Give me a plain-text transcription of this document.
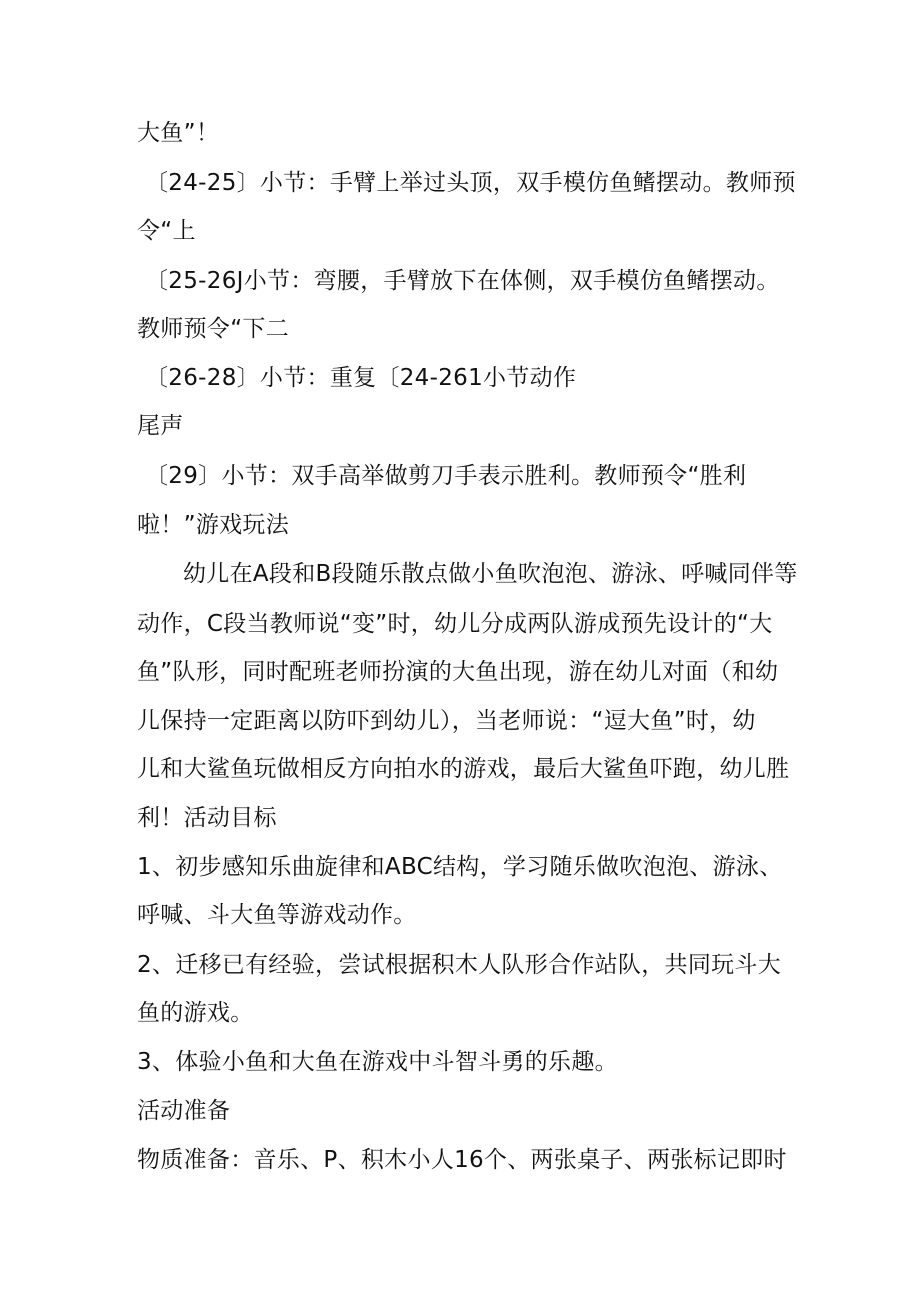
大鱼”！
〔24-25〕小节：手臂上举过头顶，双手模仿鱼鳍摆动。教师预
令“上
〔25-26J小节：弯腰，手臂放下在体侧，双手模仿鱼鳍摆动。
教师预令“下二
〔26-28〕小节：重复〔24-261小节动作
尾声
〔29〕小节：双手高举做剪刀手表示胜利。教师预令“胜利
啦！”游戏玩法
幼儿在A段和B段随乐散点做小鱼吹泡泡、游泳、呼喊同伴等
动作，C段当教师说“变”时，幼儿分成两队游成预先设计的“大
鱼”队形，同时配班老师扮演的大鱼出现，游在幼儿对面（和幼
儿保持一定距离以防吓到幼儿），当老师说：“逗大鱼”时，幼
儿和大鲨鱼玩做相反方向拍水的游戏，最后大鲨鱼吓跑，幼儿胜
利！活动目标
1、初步感知乐曲旋律和ABC结构，学习随乐做吹泡泡、游泳、
呼喊、斗大鱼等游戏动作。
2、迁移已有经验，尝试根据积木人队形合作站队，共同玩斗大
鱼的游戏。
3、体验小鱼和大鱼在游戏中斗智斗勇的乐趣。
活动准备
物质准备：音乐、P、积木小人16个、两张桌子、两张标记即时
